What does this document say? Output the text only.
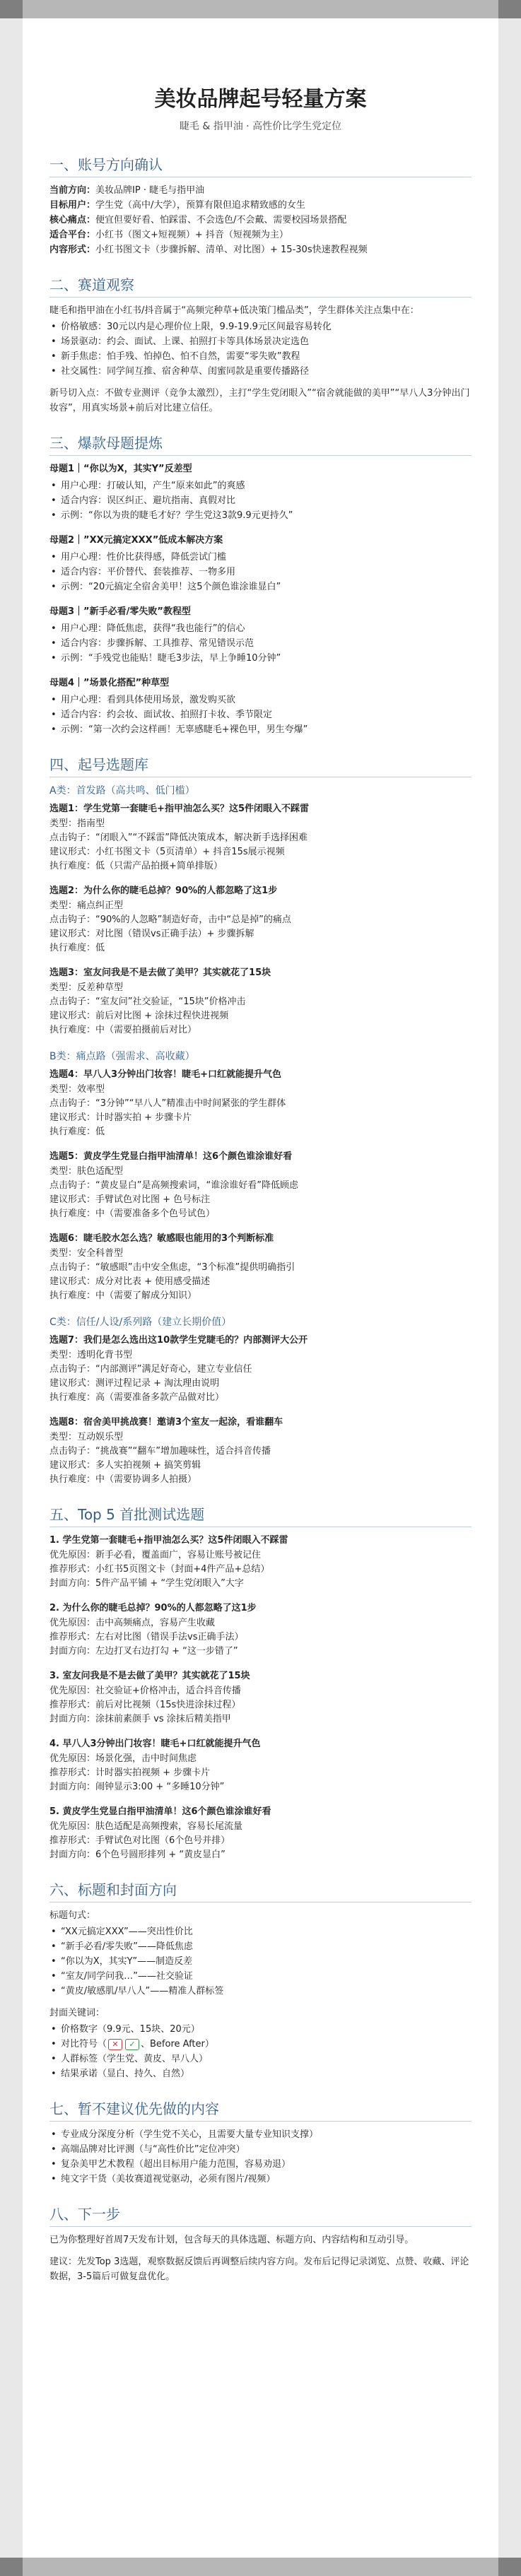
美妆品牌起号轻量方案
睫毛 & 指甲油 · 高性价比学生党定位
一、账号方向确认
当前方向：美妆品牌IP · 睫毛与指甲油
目标用户：学生党（高中/大学），预算有限但追求精致感的女生
核心痛点：便宜但要好看、怕踩雷、不会选色/不会戴、需要校园场景搭配
适合平台：小红书（图文+短视频）+ 抖音（短视频为主）
内容形式：小红书图文卡（步骤拆解、清单、对比图）+ 15-30s快速教程视频
二、赛道观察

睫毛和指甲油在小红书/抖音属于“高频完种草+低决策门槛品类”，学生群体关注点集中在：

• 价格敏感：30元以内是心理价位上限，9.9-19.9元区间最容易转化
• 场景驱动：约会、面试、上课、拍照打卡等具体场景决定选色
• 新手焦虑：怕手残、怕掉色、怕不自然，需要“零失败”教程
• 社交属性：同学间互推、宿舍种草、闺蜜同款是重要传播路径

新号切入点：不做专业测评（竞争太激烈），主打“学生党闭眼入”“宿舍就能做的美甲”“早八人3分钟出门妆容”，用真实场景+前后对比建立信任。

三、爆款母题提炼
母题1｜“你以为X，其实Y”反差型
• 用户心理：打破认知，产生“原来如此”的爽感
• 适合内容：误区纠正、避坑指南、真假对比
• 示例：“你以为贵的睫毛才好？学生党这3款9.9元更持久”
母题2｜”XX元搞定XXX”低成本解决方案
• 用户心理：性价比获得感，降低尝试门槛
• 适合内容：平价替代、套装推荐、一物多用
• 示例：“20元搞定全宿舍美甲！这5个颜色谁涂谁显白”
母题3｜”新手必看/零失败”教程型
• 用户心理：降低焦虑，获得“我也能行”的信心
• 适合内容：步骤拆解、工具推荐、常见错误示范
• 示例：“手残党也能贴！睫毛3步法，早上争睡10分钟”
母题4｜”场景化搭配”种草型
• 用户心理：看到具体使用场景，激发购买欲
• 适合内容：约会妆、面试妆、拍照打卡妆、季节限定
• 示例：“第一次约会这样画！无辜感睫毛+裸色甲，男生夸爆”
四、起号选题库
A类：首发路（高共鸣、低门槛）
选题1：学生党第一套睫毛+指甲油怎么买？这5件闭眼入不踩雷
类型：指南型
点击钩子：“闭眼入”“不踩雷”降低决策成本，解决新手选择困难
建议形式：小红书图文卡（5页清单）+ 抖音15s展示视频
执行难度：低（只需产品拍摄+简单排版）
选题2：为什么你的睫毛总掉？90%的人都忽略了这1步
类型：痛点纠正型
点击钩子：“90%的人忽略”制造好奇，击中“总是掉”的痛点
建议形式：对比图（错误vs正确手法）+ 步骤拆解
执行难度：低
选题3：室友问我是不是去做了美甲？其实就花了15块
类型：反差种草型
点击钩子：“室友问”社交验证，“15块”价格冲击
建议形式：前后对比图 + 涂抹过程快进视频
执行难度：中（需要拍摄前后对比）
B类：痛点路（强需求、高收藏）
选题4：早八人3分钟出门妆容！睫毛+口红就能提升气色
类型：效率型
点击钩子：“3分钟”“早八人”精准击中时间紧张的学生群体
建议形式：计时器实拍 + 步骤卡片
执行难度：低
选题5：黄皮学生党显白指甲油清单！这6个颜色谁涂谁好看
类型：肤色适配型
点击钩子：“黄皮显白”是高频搜索词，“谁涂谁好看”降低顾虑
建议形式：手臂试色对比图 + 色号标注
执行难度：中（需要准备多个色号试色）
选题6：睫毛胶水怎么选？敏感眼也能用的3个判断标准
类型：安全科普型
点击钩子：“敏感眼”击中安全焦虑，“3个标准”提供明确指引
建议形式：成分对比表 + 使用感受描述
执行难度：中（需要了解成分知识）
C类：信任/人设/系列路（建立长期价值）
选题7：我们是怎么选出这10款学生党睫毛的？内部测评大公开
类型：透明化背书型
点击钩子：“内部测评”满足好奇心，建立专业信任
建议形式：测评过程记录 + 淘汰理由说明
执行难度：高（需要准备多款产品做对比）
选题8：宿舍美甲挑战赛！邀请3个室友一起涂，看谁翻车
类型：互动娱乐型
点击钩子：“挑战赛”“翻车”增加趣味性，适合抖音传播
建议形式：多人实拍视频 + 搞笑剪辑
执行难度：中（需要协调多人拍摄）
五、Top 5 首批测试选题
1. 学生党第一套睫毛+指甲油怎么买？这5件闭眼入不踩雷
优先原因：新手必看，覆盖面广，容易让账号被记住
推荐形式：小红书5页图文卡（封面+4件产品+总结）
封面方向：5件产品平铺 + “学生党闭眼入”大字
2. 为什么你的睫毛总掉？90%的人都忽略了这1步
优先原因：击中高频痛点，容易产生收藏
推荐形式：左右对比图（错误手法vs正确手法）
封面方向：左边打叉右边打勾 + “这一步错了”
3. 室友问我是不是去做了美甲？其实就花了15块
优先原因：社交验证+价格冲击，适合抖音传播
推荐形式：前后对比视频（15s快进涂抹过程）
封面方向：涂抹前素颜手 vs 涂抹后精美指甲
4. 早八人3分钟出门妆容！睫毛+口红就能提升气色
优先原因：场景化强，击中时间焦虑
推荐形式：计时器实拍视频 + 步骤卡片
封面方向：闹钟显示3:00 + “多睡10分钟”
5. 黄皮学生党显白指甲油清单！这6个颜色谁涂谁好看
优先原因：肤色适配是高频搜索，容易长尾流量
推荐形式：手臂试色对比图（6个色号并排）
封面方向：6个色号圆形排列 + “黄皮显白”
六、标题和封面方向

标题句式：

• “XX元搞定XXX”——突出性价比
• “新手必看/零失败”——降低焦虑
• “你以为X，其实Y”——制造反差
• “室友/同学问我…”——社交验证
• “黄皮/敏感肌/早八人”——精准人群标签

封面关键词：

• 价格数字（9.9元、15块、20元）
• 对比符号（ ✕ ✓ 、Before After）
• 人群标签（学生党、黄皮、早八人）
• 结果承诺（显白、持久、自然）
七、暂不建议优先做的内容
• 专业成分深度分析（学生党不关心，且需要大量专业知识支撑）
• 高端品牌对比评测（与“高性价比”定位冲突）
• 复杂美甲艺术教程（超出目标用户能力范围，容易劝退）
• 纯文字干货（美妆赛道视觉驱动，必须有图片/视频）
八、下一步

已为你整理好首周7天发布计划，包含每天的具体选题、标题方向、内容结构和互动引导。

建议：先发Top 3选题，观察数据反馈后再调整后续内容方向。发布后记得记录浏览、点赞、收藏、评论数据，3-5篇后可做复盘优化。
